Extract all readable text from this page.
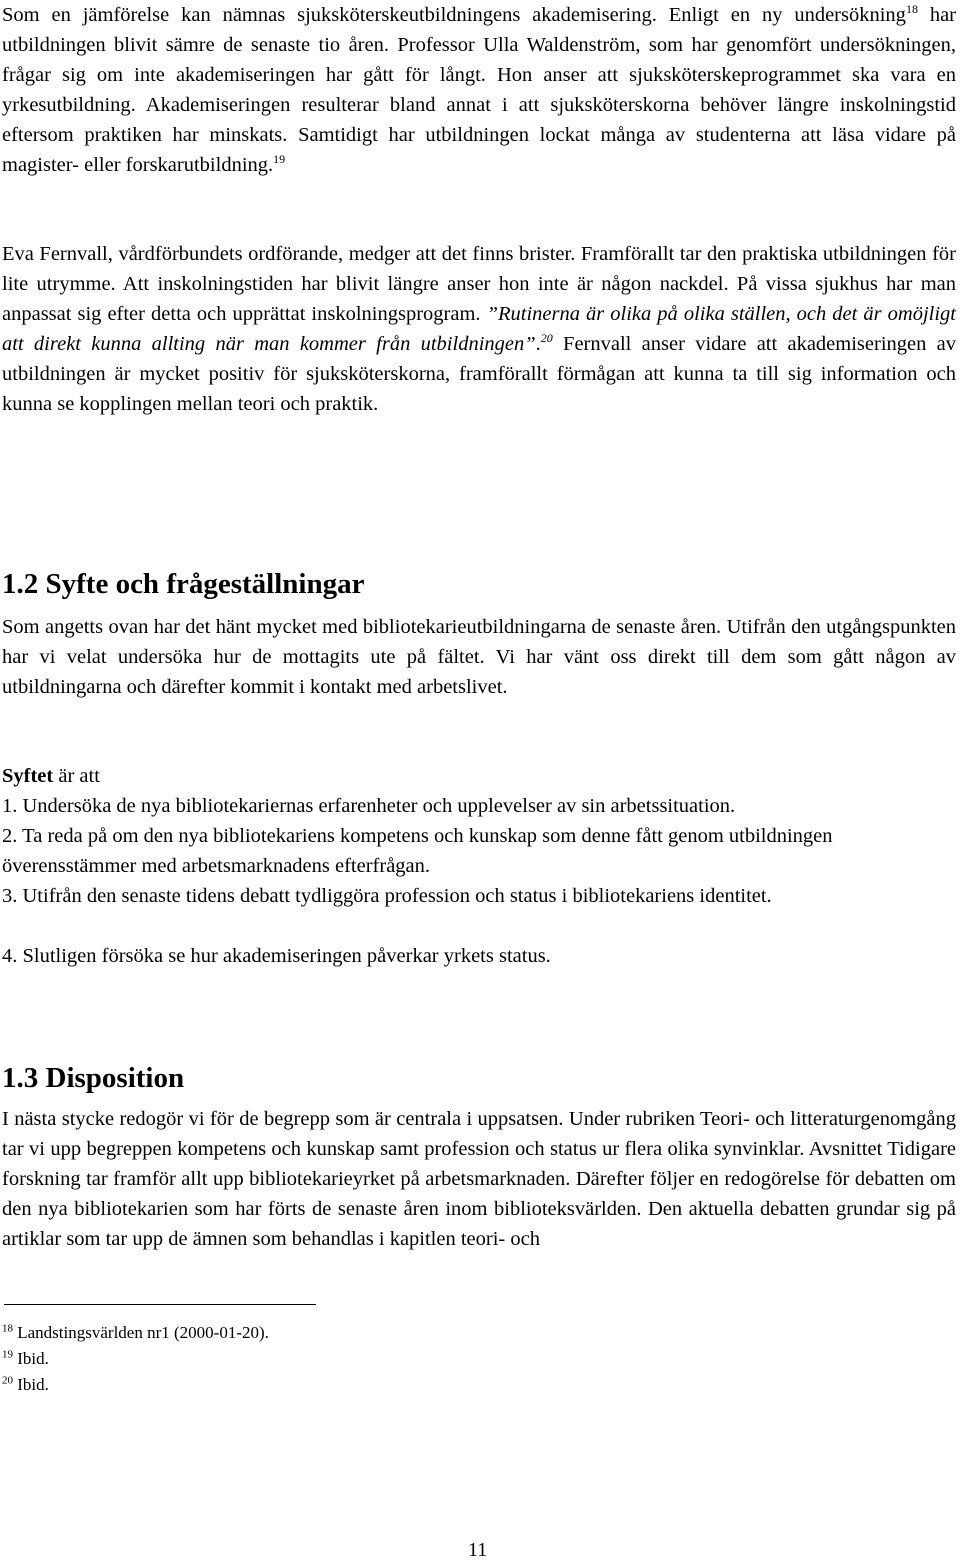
Som en jämförelse kan nämnas sjuksköterskeutbildningens akademisering. Enligt en ny undersökning$^{18}$ har utbildningen blivit sämre de senaste tio åren. Professor Ulla Waldenström, som har genomfört undersökningen, frågar sig om inte akademiseringen har gått för långt. Hon anser att sjuksköterskeprogrammet ska vara en yrkesutbildning. Akademiseringen resulterar bland annat i att sjuksköterskorna behöver längre inskolningstid eftersom praktiken har minskats. Samtidigt har utbildningen lockat många av studenterna att läsa vidare på magister- eller forskarutbildning.$^{19}$

Eva Fernvall, vårdförbundets ordförande, medger att det finns brister. Framförallt tar den praktiska utbildningen för lite utrymme. Att inskolningstiden har blivit längre anser hon inte är någon nackdel. På vissa sjukhus har man anpassat sig efter detta och upprättat inskolningsprogram. ”Rutinerna är olika på olika ställen, och det är omöjligt att direkt kunna allting när man kommer från utbildningen”.$^{20}$ Fernvall anser vidare att akademiseringen av utbildningen är mycket positiv för sjuksköterskorna, framförallt förmågan att kunna ta till sig information och kunna se kopplingen mellan teori och praktik.

1.2 Syfte och frågeställningar

Som angetts ovan har det hänt mycket med bibliotekarieutbildningarna de senaste åren. Utifrån den utgångspunkten har vi velat undersöka hur de mottagits ute på fältet. Vi har vänt oss direkt till dem som gått någon av utbildningarna och därefter kommit i kontakt med arbetslivet.

Syftet är att

1. Undersöka de nya bibliotekariernas erfarenheter och upplevelser av sin arbetssituation.

2. Ta reda på om den nya bibliotekariens kompetens och kunskap som denne fått genom utbildningen överensstämmer med arbetsmarknadens efterfrågan.

3. Utifrån den senaste tidens debatt tydliggöra profession och status i bibliotekariens identitet.

4. Slutligen försöka se hur akademiseringen påverkar yrkets status.

1.3 Disposition

I nästa stycke redogör vi för de begrepp som är centrala i uppsatsen. Under rubriken Teori- och litteraturgenomgång tar vi upp begreppen kompetens och kunskap samt profession och status ur flera olika synvinklar. Avsnittet Tidigare forskning tar framför allt upp bibliotekarieyrket på arbetsmarknaden. Därefter följer en redogörelse för debatten om den nya bibliotekarien som har förts de senaste åren inom biblioteksvärlden. Den aktuella debatten grundar sig på artiklar som tar upp de ämnen som behandlas i kapitlen teori- och

$^{18}$ Landstingsvärlden nr1 (2000-01-20).

$^{19}$ Ibid.

$^{20}$ Ibid.

11
